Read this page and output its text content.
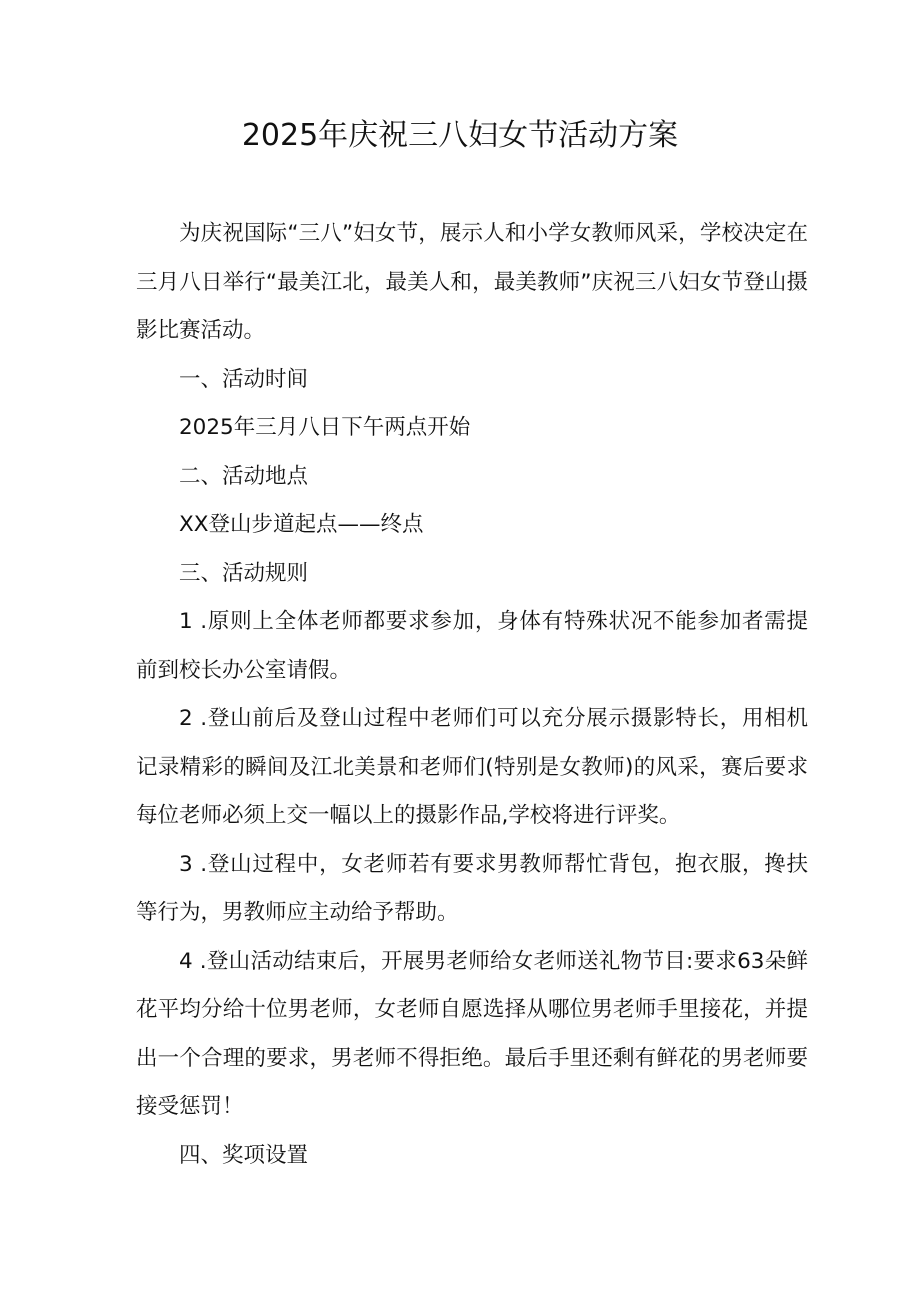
2025年庆祝三八妇女节活动方案

为庆祝国际“三八”妇女节，展示人和小学女教师风采，学校决定在三月八日举行“最美江北，最美人和，最美教师”庆祝三八妇女节登山摄影比赛活动。

一、活动时间

2025年三月八日下午两点开始

二、活动地点

XX登山步道起点——终点

三、活动规则

1 .原则上全体老师都要求参加，身体有特殊状况不能参加者需提前到校长办公室请假。

2 .登山前后及登山过程中老师们可以充分展示摄影特长，用相机记录精彩的瞬间及江北美景和老师们(特别是女教师)的风采，赛后要求每位老师必须上交一幅以上的摄影作品,学校将进行评奖。

3 .登山过程中，女老师若有要求男教师帮忙背包，抱衣服，搀扶等行为，男教师应主动给予帮助。

4 .登山活动结束后，开展男老师给女老师送礼物节目:要求63朵鲜花平均分给十位男老师，女老师自愿选择从哪位男老师手里接花，并提出一个合理的要求，男老师不得拒绝。最后手里还剩有鲜花的男老师要接受惩罚！

四、奖项设置
